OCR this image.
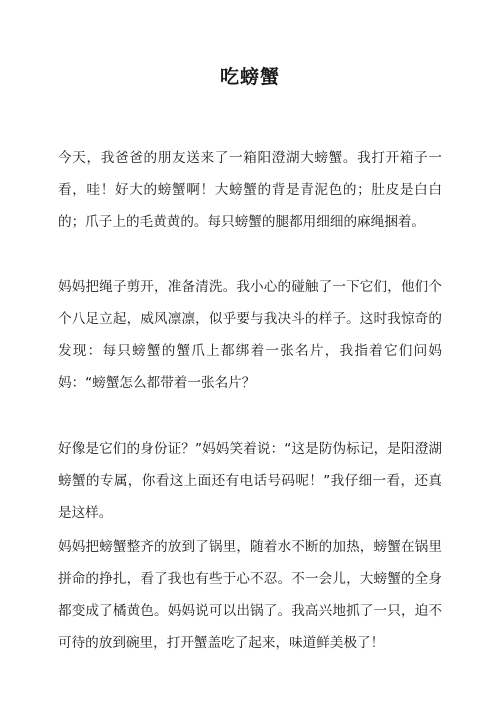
吃螃蟹

今天，我爸爸的朋友送来了一箱阳澄湖大螃蟹。我打开箱子一看，哇！好大的螃蟹啊！大螃蟹的背是青泥色的；肚皮是白白的；爪子上的毛黄黄的。每只螃蟹的腿都用细细的麻绳捆着。

妈妈把绳子剪开，准备清洗。我小心的碰触了一下它们，他们个个八足立起，威风凛凛，似乎要与我决斗的样子。这时我惊奇的发现：每只螃蟹的蟹爪上都绑着一张名片，我指着它们问妈妈：“螃蟹怎么都带着一张名片？

好像是它们的身份证？”妈妈笑着说：“这是防伪标记，是阳澄湖螃蟹的专属，你看这上面还有电话号码呢！”我仔细一看，还真是这样。

妈妈把螃蟹整齐的放到了锅里，随着水不断的加热，螃蟹在锅里拼命的挣扎，看了我也有些于心不忍。不一会儿，大螃蟹的全身都变成了橘黄色。妈妈说可以出锅了。我高兴地抓了一只，迫不可待的放到碗里，打开蟹盖吃了起来，味道鲜美极了！
